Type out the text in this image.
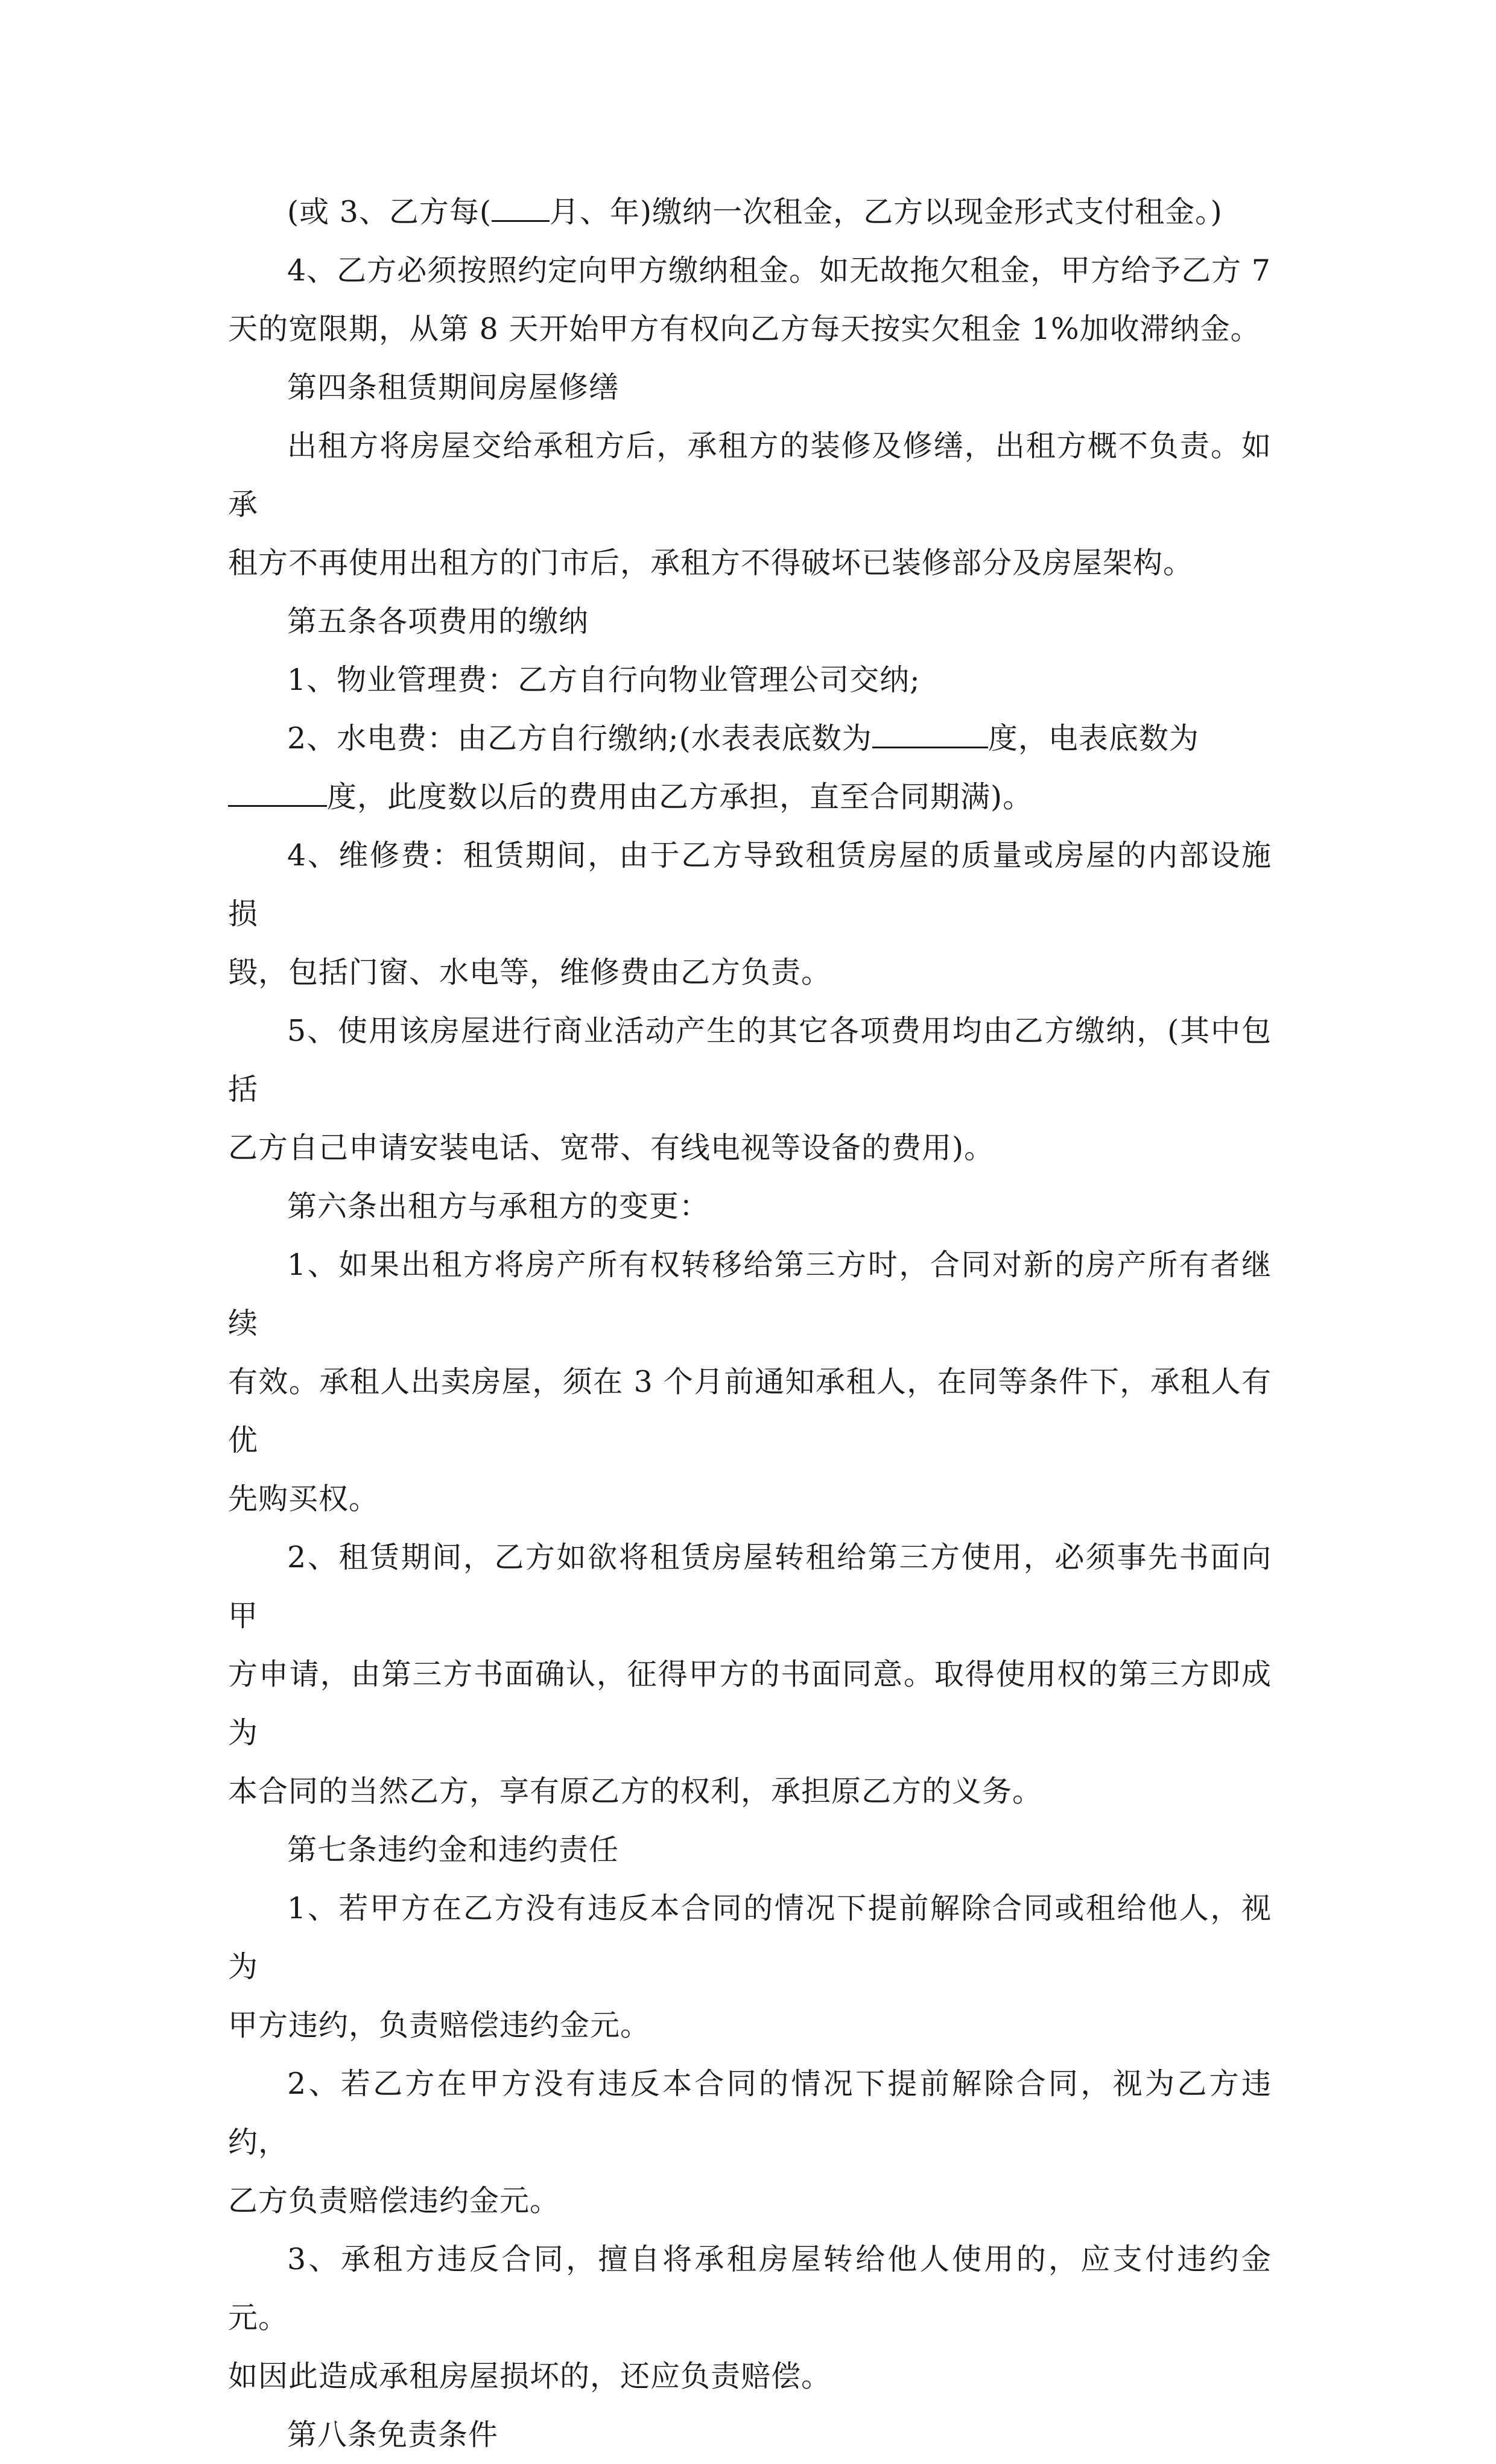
(或 3、乙方每( 月、年)缴纳一次租金，乙方以现金形式支付租金。)
4、乙方必须按照约定向甲方缴纳租金。如无故拖欠租金，甲方给予乙方 7
天的宽限期，从第 8 天开始甲方有权向乙方每天按实欠租金 1%加收滞纳金。
第四条租赁期间房屋修缮
出租方将房屋交给承租方后，承租方的装修及修缮，出租方概不负责。如承
租方不再使用出租方的门市后，承租方不得破坏已装修部分及房屋架构。
第五条各项费用的缴纳
1、物业管理费：乙方自行向物业管理公司交纳;
2、水电费：由乙方自行缴纳;(水表表底数为	度，电表底数为
度，此度数以后的费用由乙方承担，直至合同期满)。
4、维修费：租赁期间，由于乙方导致租赁房屋的质量或房屋的内部设施损
毁，包括门窗、水电等，维修费由乙方负责。
5、使用该房屋进行商业活动产生的其它各项费用均由乙方缴纳，(其中包括
乙方自己申请安装电话、宽带、有线电视等设备的费用)。
第六条出租方与承租方的变更：
1、如果出租方将房产所有权转移给第三方时，合同对新的房产所有者继续
有效。承租人出卖房屋，须在 3 个月前通知承租人，在同等条件下，承租人有优
先购买权。
2、租赁期间，乙方如欲将租赁房屋转租给第三方使用，必须事先书面向甲
方申请，由第三方书面确认，征得甲方的书面同意。取得使用权的第三方即成为
本合同的当然乙方，享有原乙方的权利，承担原乙方的义务。
第七条违约金和违约责任
1、若甲方在乙方没有违反本合同的情况下提前解除合同或租给他人，视为
甲方违约，负责赔偿违约金元。
2、若乙方在甲方没有违反本合同的情况下提前解除合同，视为乙方违约，
乙方负责赔偿违约金元。
3、承租方违反合同，擅自将承租房屋转给他人使用的，应支付违约金元。
如因此造成承租房屋损坏的，还应负责赔偿。
第八条免责条件
